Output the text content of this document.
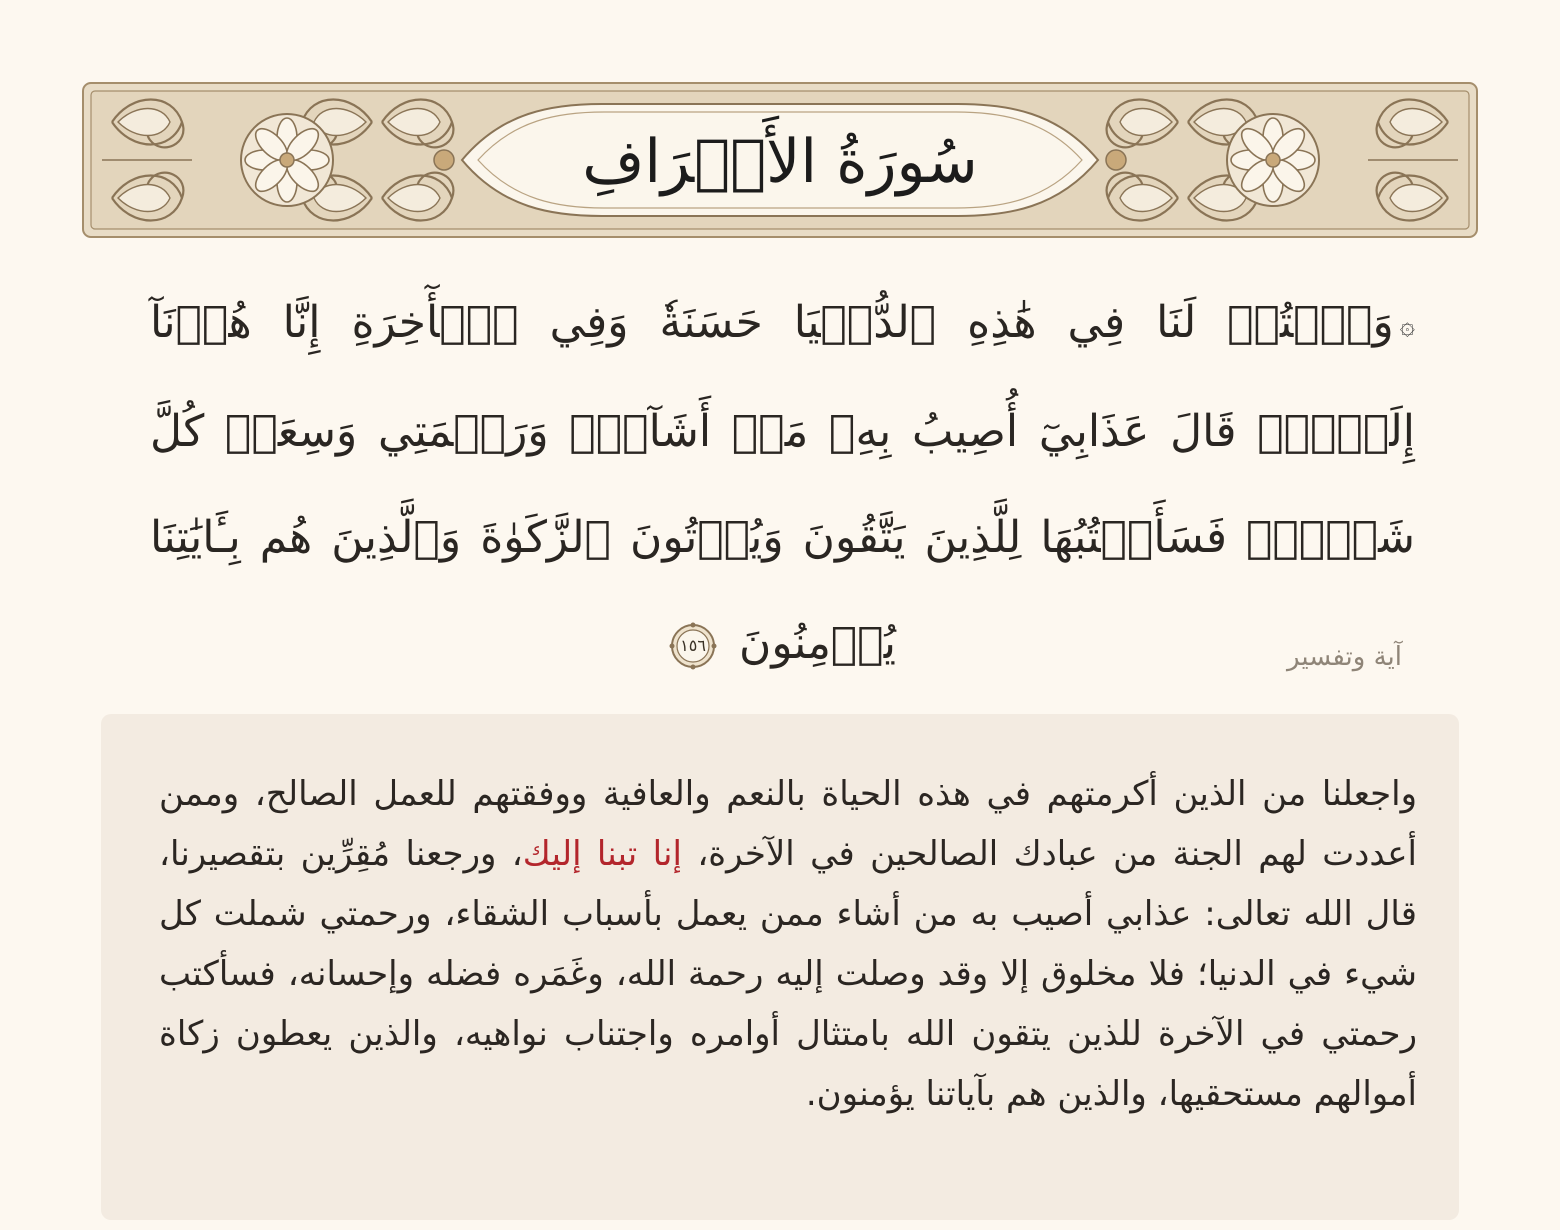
سُورَةُ الأَعۡرَافِ
۞وَٱكۡتُبۡ لَنَا فِي هَٰذِهِ ٱلدُّنۡيَا حَسَنَةٗ وَفِي ٱلۡأٓخِرَةِ إِنَّا هُدۡنَآ إِلَيۡكَۚ قَالَ عَذَابِيٓ أُصِيبُ بِهِۦ مَنۡ أَشَآءُۖ وَرَحۡمَتِي وَسِعَتۡ كُلَّ شَيۡءٖۚ فَسَأَكۡتُبُهَا لِلَّذِينَ يَتَّقُونَ وَيُؤۡتُونَ ٱلزَّكَوٰةَ وَٱلَّذِينَ هُم بِـَٔايَٰتِنَا يُؤۡمِنُونَ
١٥٦	آية وتفسير
واجعلنا من الذين أكرمتهم في هذه الحياة بالنعم والعافية ووفقتهم للعمل الصالح، وممن أعددت لهم الجنة من عبادك الصالحين في الآخرة، إنا تبنا إليك، ورجعنا مُقِرِّين بتقصيرنا، قال الله تعالى: عذابي أصيب به من أشاء ممن يعمل بأسباب الشقاء، ورحمتي شملت كل شيء في الدنيا؛ فلا مخلوق إلا وقد وصلت إليه رحمة الله، وغَمَره فضله وإحسانه، فسأكتب رحمتي في الآخرة للذين يتقون الله بامتثال أوامره واجتناب نواهيه، والذين يعطون زكاة أموالهم مستحقيها، والذين هم بآياتنا يؤمنون.
